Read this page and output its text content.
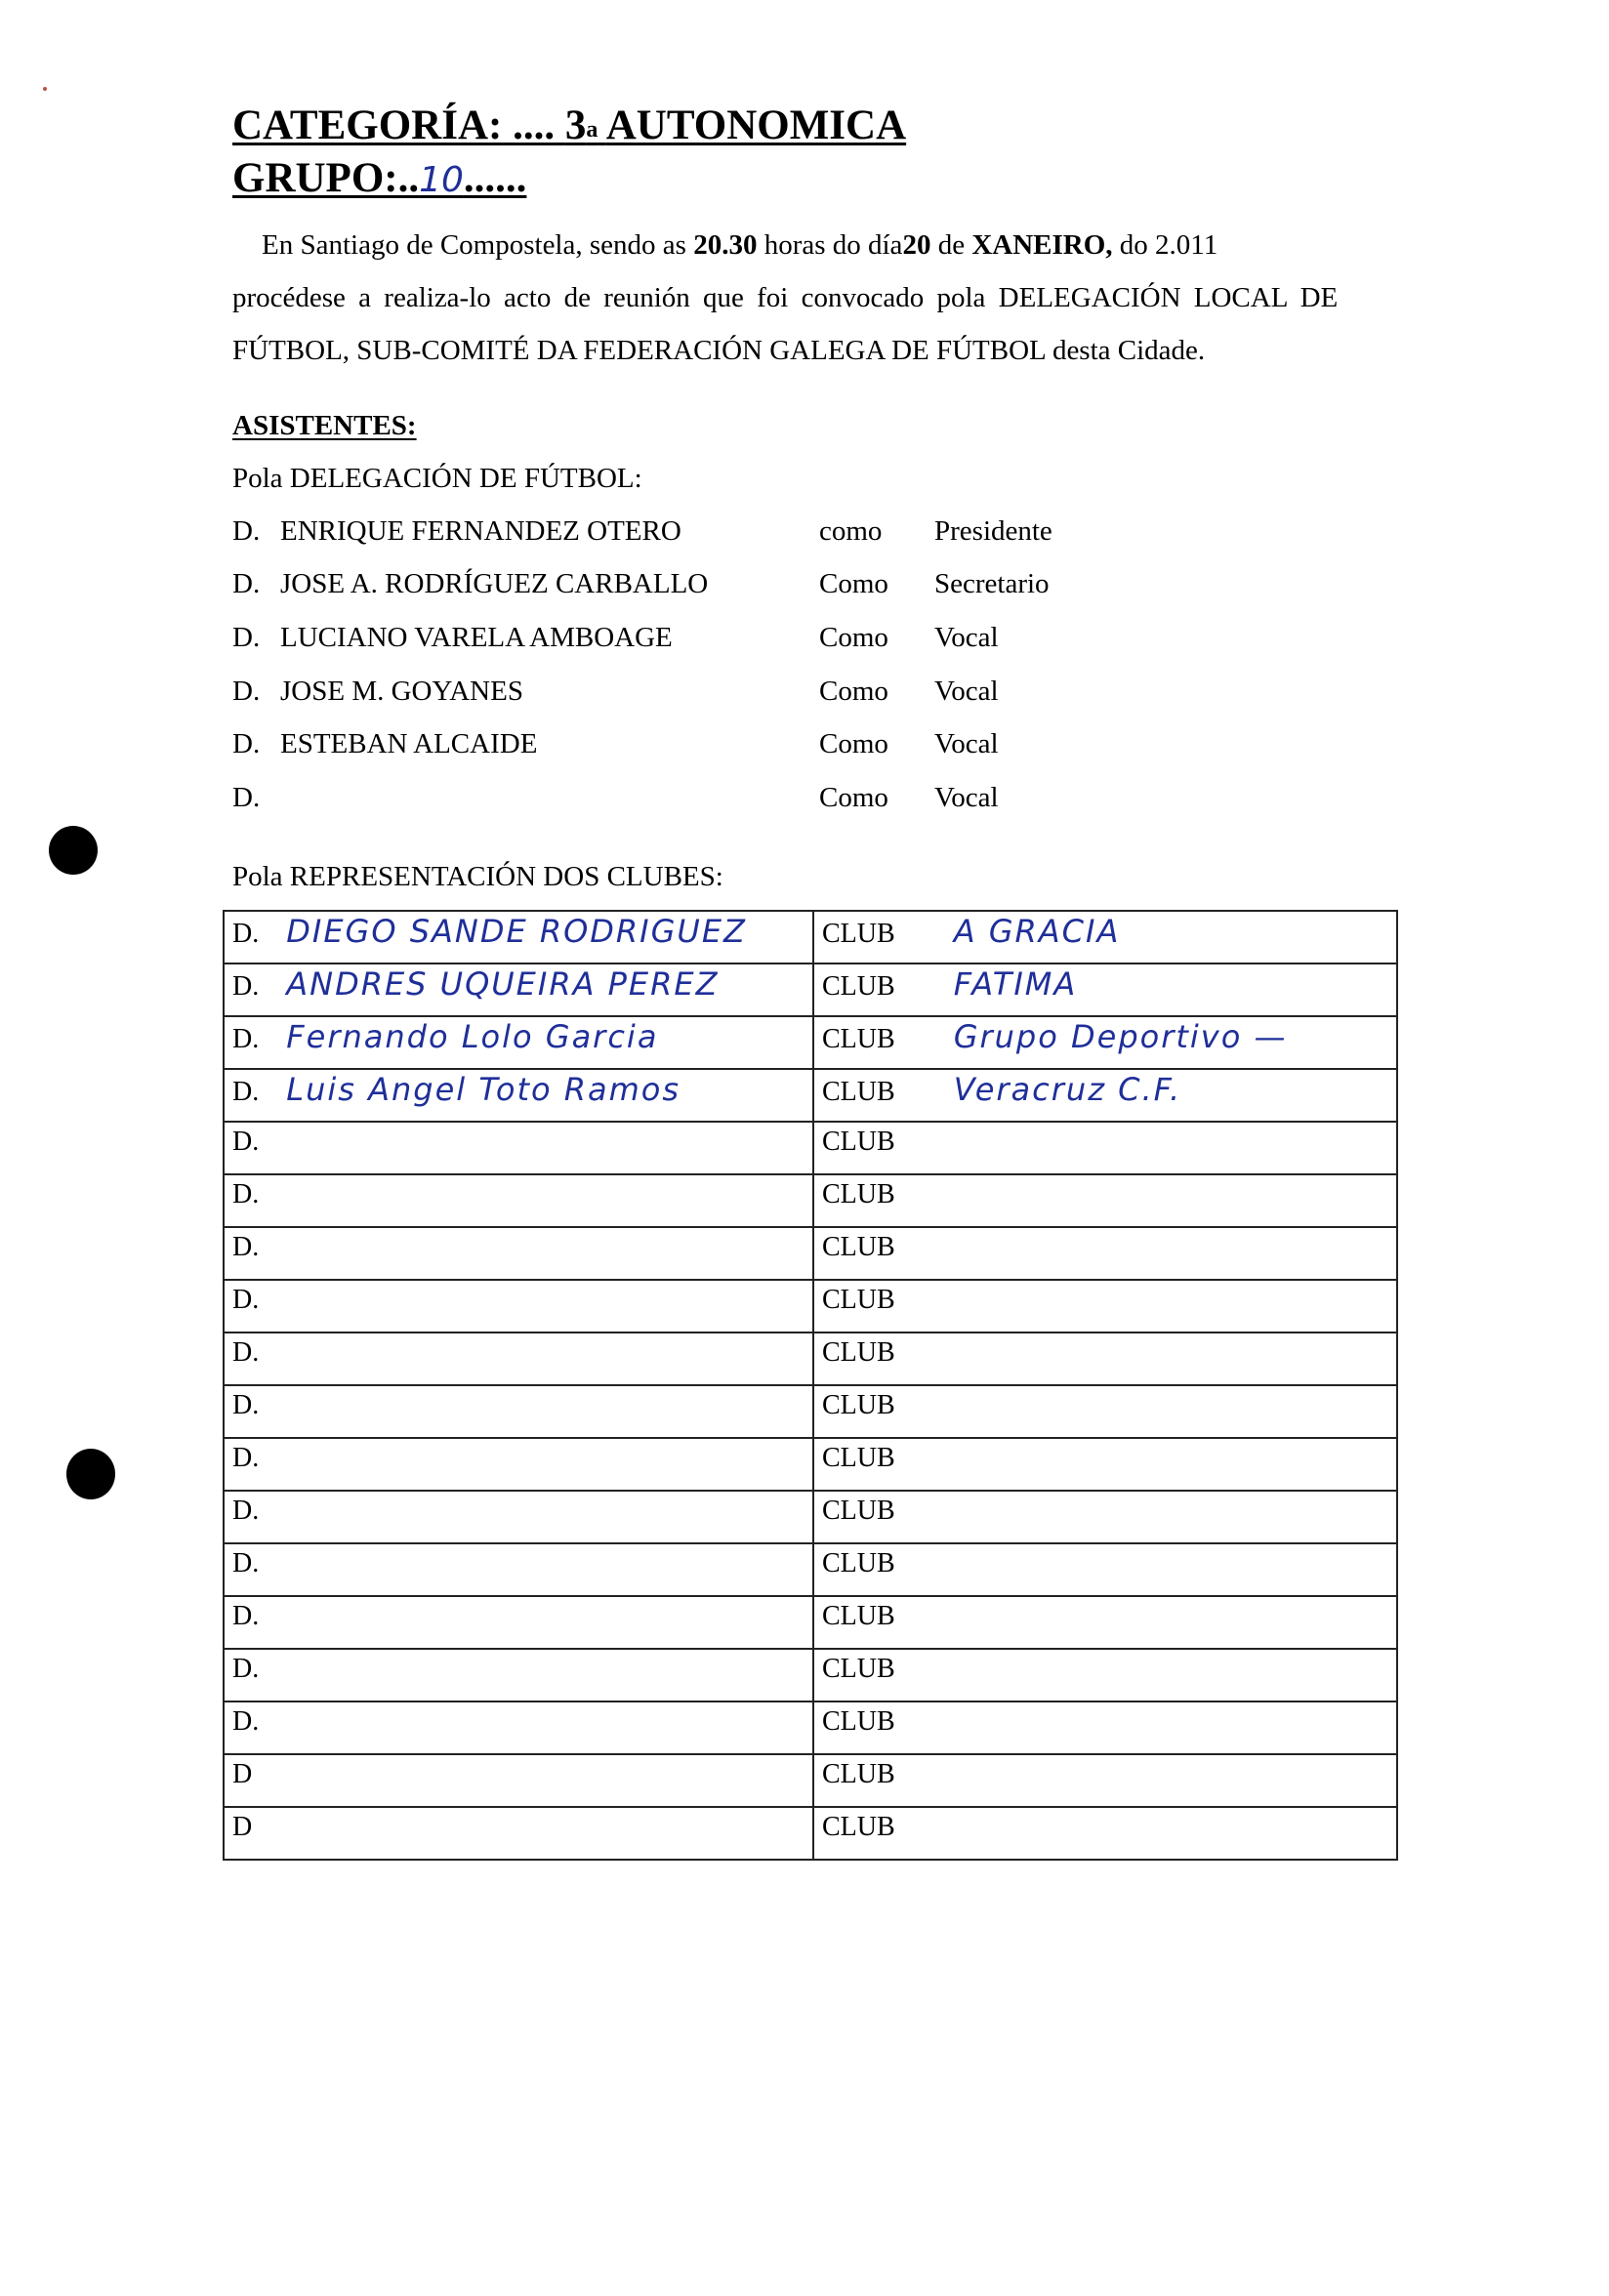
CATEGORÍA: .... 3$^a$ AUTONOMICA
GRUPO:..10......
En Santiago de Compostela, sendo as 20.30 horas do día20 de XANEIRO, do 2.011
procédese a realiza-lo acto de reunión que foi convocado pola DELEGACIÓN LOCAL DE
FÚTBOL, SUB-COMITÉ DA FEDERACIÓN GALEGA DE FÚTBOL desta Cidade.
ASISTENTES:
Pola DELEGACIÓN DE FÚTBOL:
D. ENRIQUE FERNANDEZ OTERO	como Presidente
D. JOSE A. RODRÍGUEZ CARBALLO	Como Secretario
D. LUCIANO VARELA AMBOAGE	Como Vocal
D. JOSE M. GOYANES	Como Vocal
D. ESTEBAN ALCAIDE	Como Vocal
D.	Como Vocal
Pola REPRESENTACIÓN DOS CLUBES:
D. DIEGO SANDE RODRIGUEZ	CLUB A GRACIA
D. ANDRES UQUEIRA PEREZ	CLUB FATIMA
D. Fernando Lolo Garcia	CLUB Grupo Deportivo —
D. Luis Angel Toto Ramos	CLUB Veracruz C.F.
D.	CLUB
D.	CLUB
D.	CLUB
D.	CLUB
D.	CLUB
D.	CLUB
D.	CLUB
D.	CLUB
D.	CLUB
D.	CLUB
D.	CLUB
D.	CLUB
D	CLUB
D	CLUB
